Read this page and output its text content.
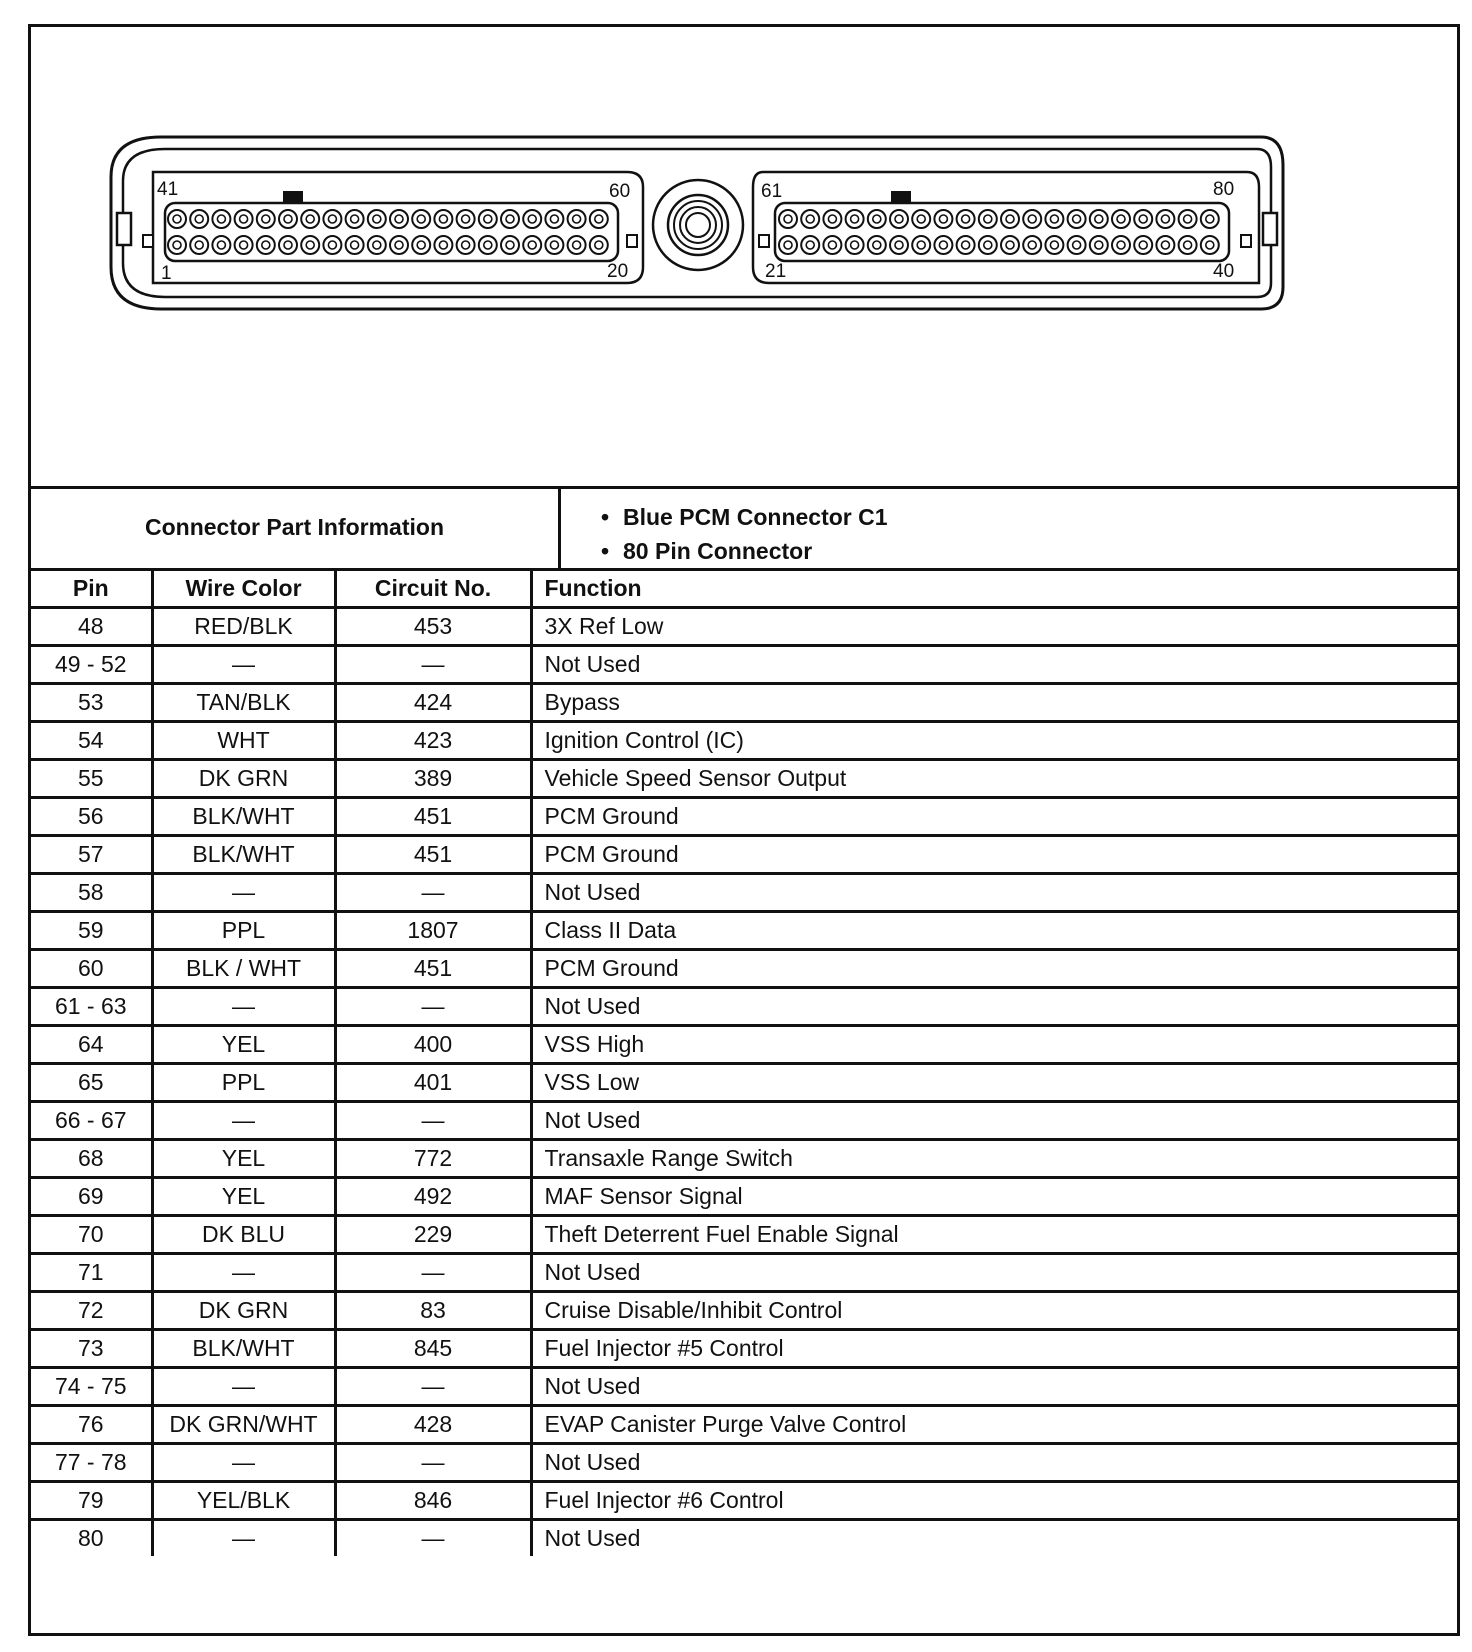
41	60
1	20
61	80
21	40
Connector Part Information	• Blue PCM Connector C1
• 80 Pin Connector
Pin	Wire Color	Circuit No.	Function
48	RED/BLK	453	3X Ref Low
49 - 52	—	—	Not Used
53	TAN/BLK	424	Bypass
54	WHT	423	Ignition Control (IC)
55	DK GRN	389	Vehicle Speed Sensor Output
56	BLK/WHT	451	PCM Ground
57	BLK/WHT	451	PCM Ground
58	—	—	Not Used
59	PPL	1807	Class II Data
60	BLK / WHT	451	PCM Ground
61 - 63	—	—	Not Used
64	YEL	400	VSS High
65	PPL	401	VSS Low
66 - 67	—	—	Not Used
68	YEL	772	Transaxle Range Switch
69	YEL	492	MAF Sensor Signal
70	DK BLU	229	Theft Deterrent Fuel Enable Signal
71	—	—	Not Used
72	DK GRN	83	Cruise Disable/Inhibit Control
73	BLK/WHT	845	Fuel Injector #5 Control
74 - 75	—	—	Not Used
76	DK GRN/WHT	428	EVAP Canister Purge Valve Control
77 - 78	—	—	Not Used
79	YEL/BLK	846	Fuel Injector #6 Control
80	—	—	Not Used
